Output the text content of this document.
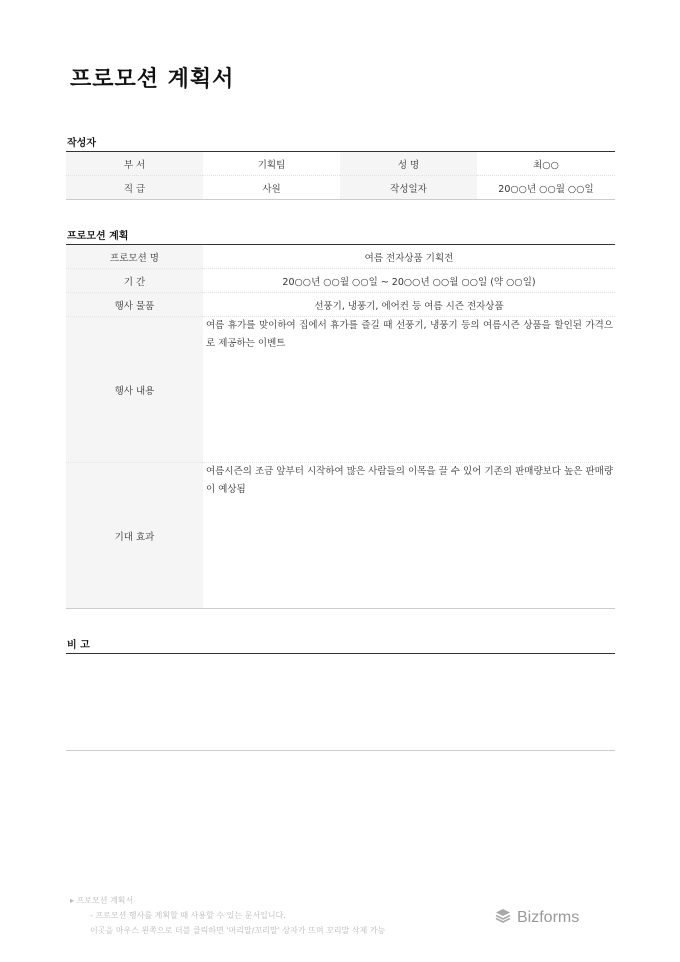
프로모션 계획서
작성자
부 서	기획팀	성 명	최○○
직 급	사원	작성일자	20○○년 ○○월 ○○일
프로모션 계획
프로모션 명	여름 전자상품 기획전
기 간	20○○년 ○○월 ○○일 ~ 20○○년 ○○월 ○○일 (약 ○○일)
행사 물품	선풍기, 냉풍기, 에어컨 등 여름 시즌 전자상품
행사 내용	여름 휴가를 맞이하여 집에서 휴가를 즐길 때 선풍기, 냉풍기 등의 여름시즌 상품을 할인된 가격으로 제공하는 이벤트
기대 효과	여름시즌의 조금 앞부터 시작하여 많은 사람들의 이목을 끌 수 있어 기존의 판매량보다 높은 판매량이 예상됨
비 고
▸ 프로모션 계획서
- 프로모션 행사를 계획할 때 사용할 수 있는 문서입니다.
이곳을 마우스 왼쪽으로 더블 클릭하면 '머리말/꼬리말' 상자가 뜨며 꼬리말 삭제 가능
Bizforms
